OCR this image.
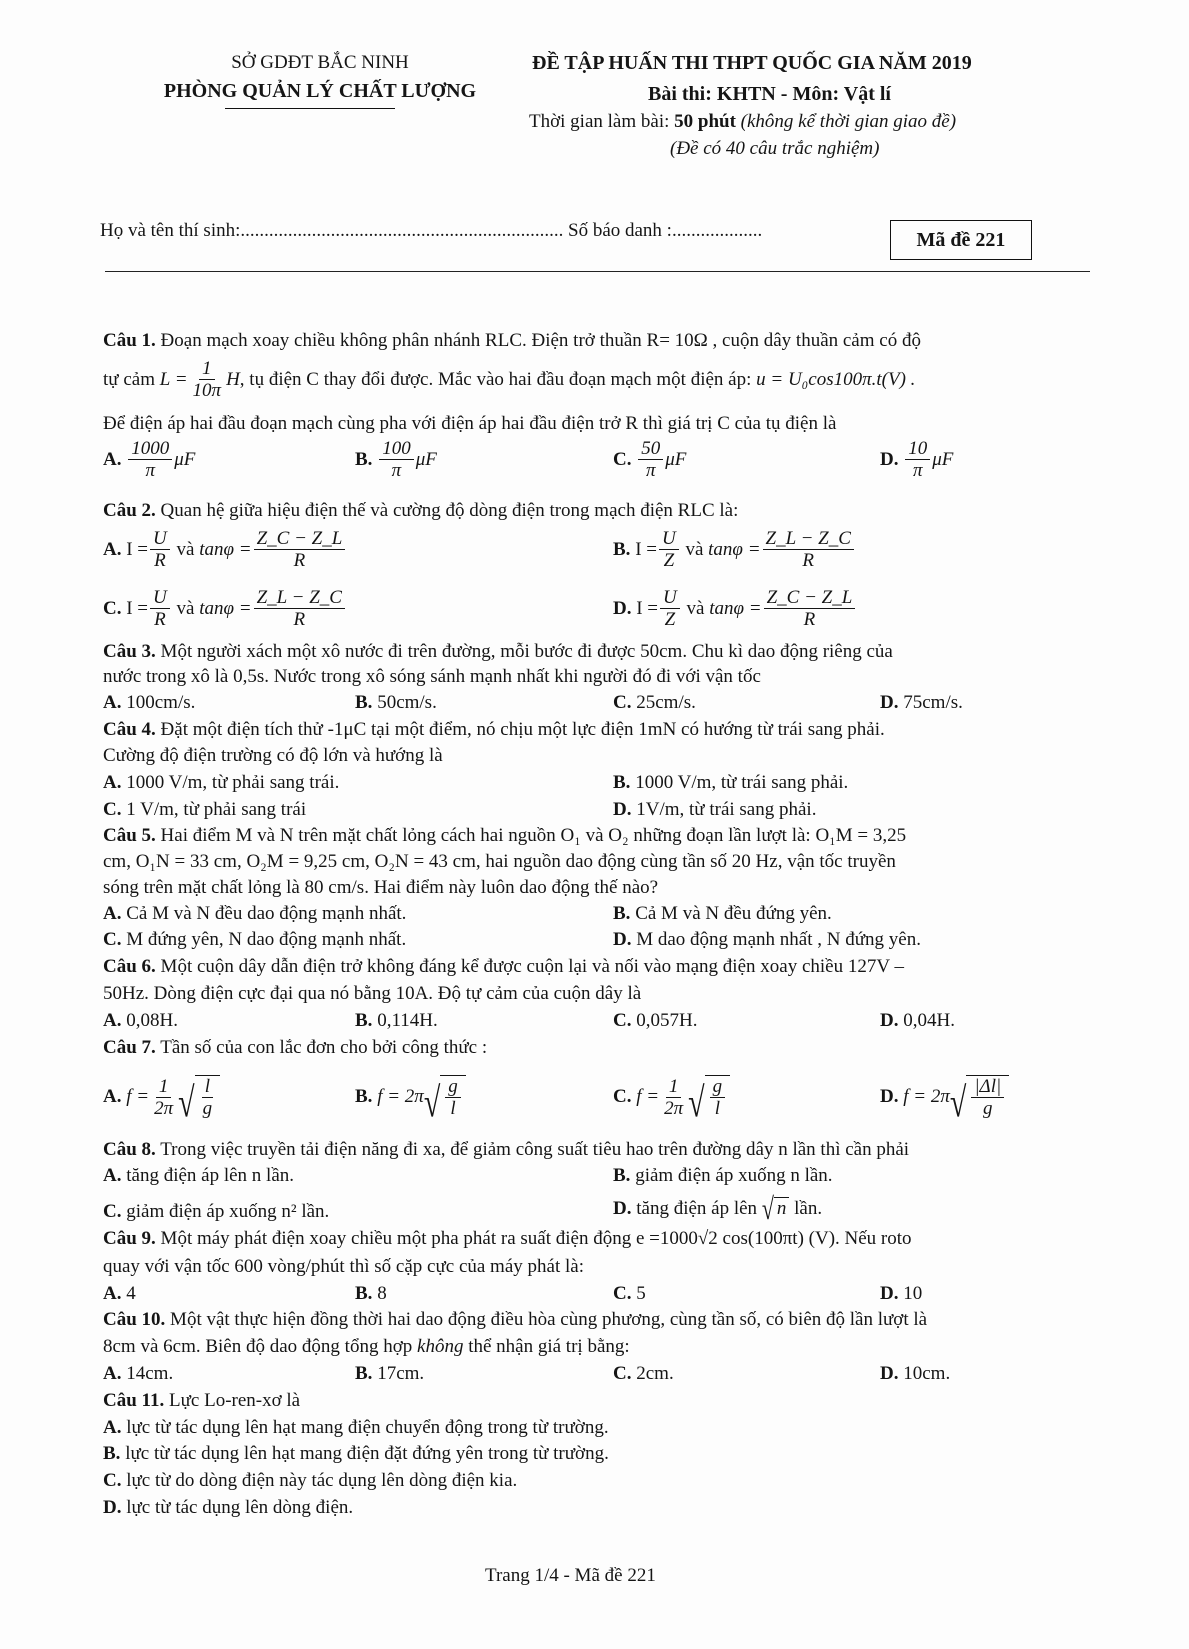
SỞ GDĐT BẮC NINH
PHÒNG QUẢN LÝ CHẤT LƯỢNG
ĐỀ TẬP HUẤN THI THPT QUỐC GIA NĂM 2019
Bài thi: KHTN - Môn: Vật lí
Thời gian làm bài: 50 phút (không kể thời gian giao đề)
(Đề có 40 câu trắc nghiệm)
Họ và tên thí sinh:.................................................................... Số báo danh :...................	Mã đề 221
Câu 1. Đoạn mạch xoay chiều không phân nhánh RLC. Điện trở thuần R= 10Ω , cuộn dây thuần cảm có độ
tự cảm
$L = \frac{1}{10\pi}$ H , tụ điện C thay đổi được. Mắc vào hai đầu đoạn mạch một điện áp:
u = U₀cos100π.t(V) .
Để điện áp hai đầu đoạn mạch cùng pha với điện áp hai đầu điện trở R thì giá trị C của tụ điện là
A.
$\frac{1000}{\pi}$ μF	B.
$\frac{100}{\pi}$ μF	C.
$\frac{50}{\pi}$ μF	D.
$\frac{10}{\pi}$ μF
Câu 2. Quan hệ giữa hiệu điện thế và cường độ dòng điện trong mạch điện RLC là:
A.
$I = \frac{U}{R}$
và
$\tan\varphi = \frac{Z\_C - Z\_L}{R}$	B.
$I = \frac{U}{Z}$
và
$\tan\varphi = \frac{Z\_L - Z\_C}{R}$
C.
$I = \frac{U}{R}$
và
$\tan\varphi = \frac{Z\_L - Z\_C}{R}$	D.
$I = \frac{U}{Z}$
và
$\tan\varphi = \frac{Z\_C - Z\_L}{R}$
Câu 3. Một người xách một xô nước đi trên đường, mỗi bước đi được 50cm. Chu kì dao động riêng của
nước trong xô là 0,5s. Nước trong xô sóng sánh mạnh nhất khi người đó đi với vận tốc
A. 100cm/s.	B. 50cm/s.	C. 25cm/s.	D. 75cm/s.
Câu 4. Đặt một điện tích thử -1μC tại một điểm, nó chịu một lực điện 1mN có hướng từ trái sang phải.
Cường độ điện trường có độ lớn và hướng là
A. 1000 V/m, từ phải sang trái.	B. 1000 V/m, từ trái sang phải.
C. 1 V/m, từ phải sang trái	D. 1V/m, từ trái sang phải.
Câu 5. Hai điểm M và N trên mặt chất lỏng cách hai nguồn O₁ và O₂ những đoạn lần lượt là: O₁M = 3,25
cm, O₁N = 33 cm, O₂M = 9,25 cm, O₂N = 43 cm, hai nguồn dao động cùng tần số 20 Hz, vận tốc truyền
sóng trên mặt chất lỏng là 80 cm/s. Hai điểm này luôn dao động thế nào?
A. Cả M và N đều dao động mạnh nhất.	B. Cả M và N đều đứng yên.
C. M đứng yên, N dao động mạnh nhất.	D. M dao động mạnh nhất , N đứng yên.
Câu 6. Một cuộn dây dẫn điện trở không đáng kể được cuộn lại và nối vào mạng điện xoay chiều 127V –
50Hz. Dòng điện cực đại qua nó bằng 10A. Độ tự cảm của cuộn dây là
A. 0,08H.	B. 0,114H.	C. 0,057H.	D. 0,04H.
Câu 7. Tần số của con lắc đơn cho bởi công thức :
A.
$f = \frac{1}{2\pi}$ √ $\frac{l}{g}$	B.
f = 2π √ $\frac{g}{l}$	C.
$f = \frac{1}{2\pi}$ √ $\frac{g}{l}$	D.
f = 2π √ $\frac{|\Delta l|}{g}$
Câu 8. Trong việc truyền tải điện năng đi xa, để giảm công suất tiêu hao trên đường dây n lần thì cần phải
A. tăng điện áp lên n lần.	B. giảm điện áp xuống n lần.
C. giảm điện áp xuống n² lần.	D.
tăng điện áp lên
√ n
lần.
Câu 9. Một máy phát điện xoay chiều một pha phát ra suất điện động e =1000√2 cos(100πt) (V). Nếu roto
quay với vận tốc 600 vòng/phút thì số cặp cực của máy phát là:
A. 4	B. 8	C. 5	D. 10
Câu 10. Một vật thực hiện đồng thời hai dao động điều hòa cùng phương, cùng tần số, có biên độ lần lượt là
8cm và 6cm. Biên độ dao động tổng hợp không thể nhận giá trị bằng:
A. 14cm.	B. 17cm.	C. 2cm.	D. 10cm.
Câu 11. Lực Lo-ren-xơ là
A. lực từ tác dụng lên hạt mang điện chuyển động trong từ trường.
B. lực từ tác dụng lên hạt mang điện đặt đứng yên trong từ trường.
C. lực từ do dòng điện này tác dụng lên dòng điện kia.
D. lực từ tác dụng lên dòng điện.
Trang 1/4 - Mã đề 221
